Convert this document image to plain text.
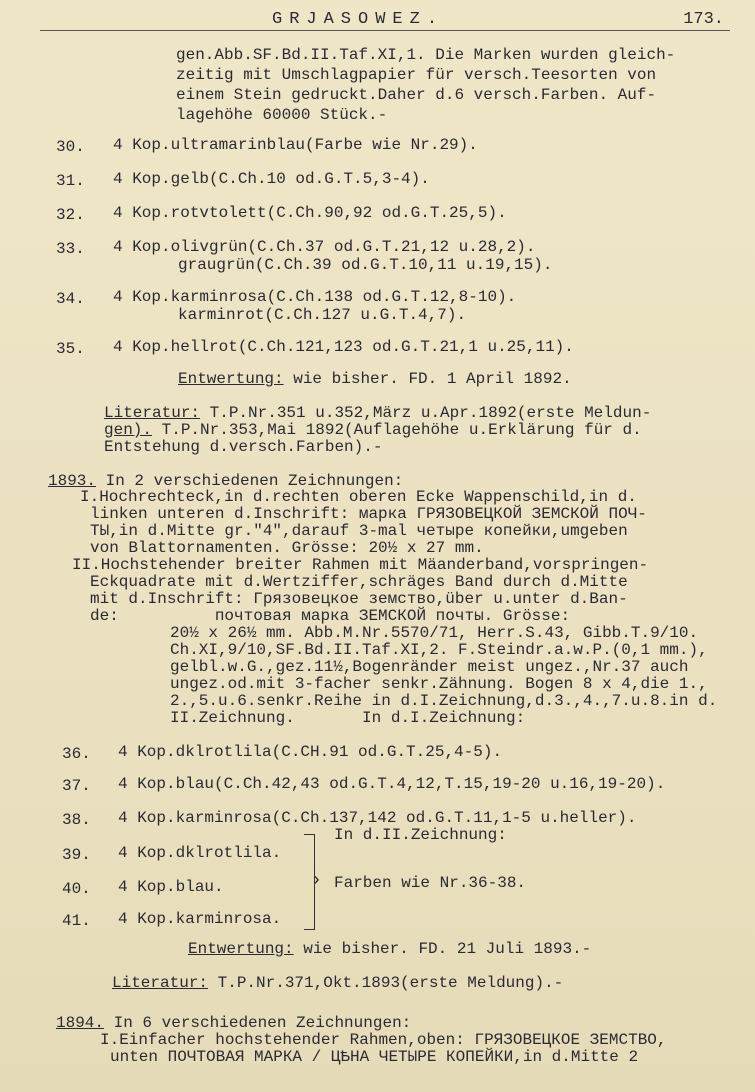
GRJASOWEZ.	173.
gen.Abb.SF.Bd.II.Taf.XI,1. Die Marken wurden gleich-
zeitig mit Umschlagpapier für versch.Teesorten von
einem Stein gedruckt.Daher d.6 versch.Farben. Auf-
lagehöhe 60000 Stück.-
30. 4 Kop.ultramarinblau(Farbe wie Nr.29).
31. 4 Kop.gelb(C.Ch.10 od.G.T.5,3-4).
32. 4 Kop.rotvtolett(C.Ch.90,92 od.G.T.25,5).
33. 4 Kop.olivgrün(C.Ch.37 od.G.T.21,12 u.28,2).
graugrün(C.Ch.39 od.G.T.10,11 u.19,15).
34. 4 Kop.karminrosa(C.Ch.138 od.G.T.12,8-10).
karminrot(C.Ch.127 u.G.T.4,7).
35. 4 Kop.hellrot(C.Ch.121,123 od.G.T.21,1 u.25,11).
Entwertung: wie bisher. FD. 1 April 1892.
Literatur: T.P.Nr.351 u.352,März u.Apr.1892(erste Meldun-
gen). T.P.Nr.353,Mai 1892(Auflagehöhe u.Erklärung für d.
Entstehung d.versch.Farben).-
1893. In 2 verschiedenen Zeichnungen:
I.Hochrechteck,in d.rechten oberen Ecke Wappenschild,in d.
linken unteren d.Inschrift: марка ГРЯЗОВЕЦКОЙ ЗЕМСКОЙ ПОЧ-
ТЫ,in d.Mitte gr."4",darauf 3-mal четыре копейки,umgeben
von Blattornamenten. Grösse: 20½ x 27 mm.
II.Hochstehender breiter Rahmen mit Mäanderband,vorspringen-
Eckquadrate mit d.Wertziffer,schräges Band durch d.Mitte
mit d.Inschrift: Грязовецкое земство,über u.unter d.Ban-
de:          почтовая марка ЗЕМСКОЙ почты. Grösse:
20½ x 26½ mm. Abb.M.Nr.5570/71, Herr.S.43, Gibb.T.9/10.
Ch.XI,9/10,SF.Bd.II.Taf.XI,2. F.Steindr.a.w.P.(0,1 mm.),
gelbl.w.G.,gez.11½,Bogenränder meist ungez.,Nr.37 auch
ungez.od.mit 3-facher senkr.Zähnung. Bogen 8 x 4,die 1.,
2.,5.u.6.senkr.Reihe in d.I.Zeichnung,d.3.,4.,7.u.8.in d.
II.Zeichnung.       In d.I.Zeichnung:
36. 4 Kop.dklrotlila(C.CH.91 od.G.T.25,4-5).
37. 4 Kop.blau(C.Ch.42,43 od.G.T.4,12,T.15,19-20 u.16,19-20).
38. 4 Kop.karminrosa(C.Ch.137,142 od.G.T.11,1-5 u.heller).
In d.II.Zeichnung:
39. 4 Kop.dklrotlila.
40. 4 Kop.blau.
41. 4 Kop.karminrosa.
› Farben wie Nr.36-38.
Entwertung: wie bisher. FD. 21 Juli 1893.-
Literatur: T.P.Nr.371,Okt.1893(erste Meldung).-
1894. In 6 verschiedenen Zeichnungen:
I.Einfacher hochstehender Rahmen,oben: ГРЯЗОВЕЦКОЕ ЗЕМСТВО,
unten ПОЧТОВАЯ МАРКА / ЦѢНА ЧЕТЫРЕ КОПЕЙКИ,in d.Mitte 2
